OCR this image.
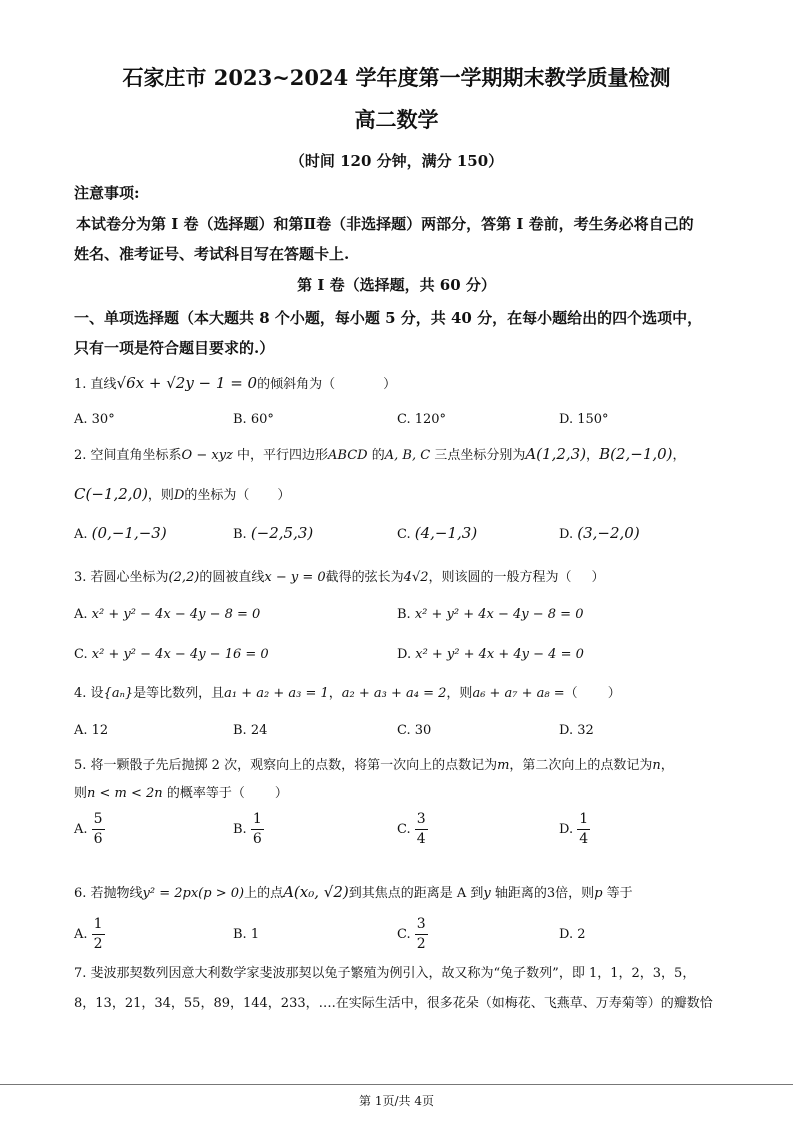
石家庄市 2023~2024 学年度第一学期期末教学质量检测
高二数学
（时间 120 分钟，满分 150）
注意事项:
本试卷分为第 I 卷（选择题）和第Ⅱ卷（非选择题）两部分，答第 I 卷前，考生务必将自己的
姓名、准考证号、考试科目写在答题卡上.
第 I 卷（选择题，共 60 分）
一、单项选择题（本大题共 8 个小题，每小题 5 分，共 40 分，在每小题给出的四个选项中，
只有一项是符合题目要求的.）
1. 直线√6x + √2y − 1 = 0的倾斜角为（	）
A. 30°	B. 60°	C. 120°	D. 150°
2. 空间直角坐标系O − xyz 中，平行四边形ABCD 的A, B, C 三点坐标分别为A(1,2,3)，B(2,−1,0)，
C(−1,2,0)，则D的坐标为（ ）
A. (0,−1,−3)	B. (−2,5,3)	C. (4,−1,3)	D. (3,−2,0)
3. 若圆心坐标为(2,2)的圆被直线x − y = 0截得的弦长为4√2，则该圆的一般方程为（ ）
A. x² + y² − 4x − 4y − 8 = 0	B. x² + y² + 4x − 4y − 8 = 0
C. x² + y² − 4x − 4y − 16 = 0	D. x² + y² + 4x + 4y − 4 = 0
4. 设{aₙ}是等比数列，且a₁ + a₂ + a₃ = 1，a₂ + a₃ + a₄ = 2，则a₆ + a₇ + a₈ =（ ）
A. 12	B. 24	C. 30	D. 32
5. 将一颗骰子先后抛掷 2 次，观察向上的点数，将第一次向上的点数记为m，第二次向上的点数记为n，
则n < m < 2n 的概率等于（ ）
A. $\frac{5}{6}$	B. $\frac{1}{6}$	C. $\frac{3}{4}$	D. $\frac{1}{4}$
6. 若抛物线y² = 2px(p > 0)上的点A(x₀, √2)到其焦点的距离是 A 到y 轴距离的3倍，则p 等于
A. $\frac{1}{2}$	B. 1	C. $\frac{3}{2}$	D. 2
7. 斐波那契数列因意大利数学家斐波那契以兔子繁殖为例引入，故又称为“兔子数列”，即 1，1，2，3，5，
8，13，21，34，55，89，144，233，….在实际生活中，很多花朵（如梅花、飞燕草、万寿菊等）的瓣数恰
第 1页/共 4页
